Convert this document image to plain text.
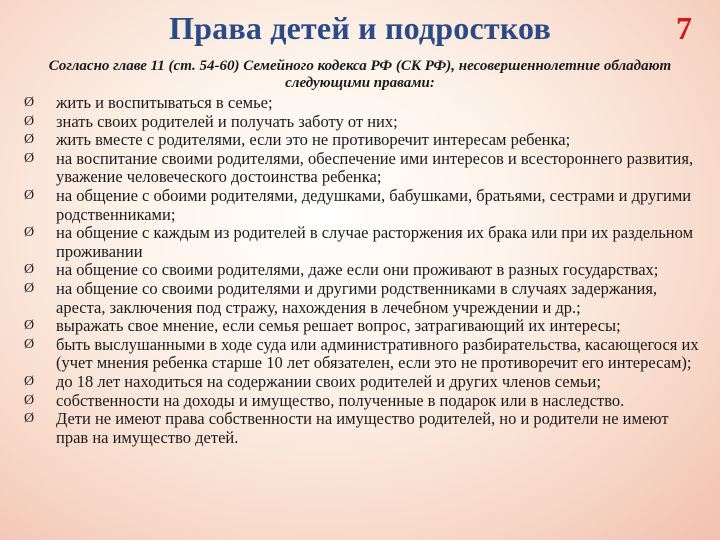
Права детей и подростков	7
Согласно главе 11 (ст. 54-60) Семейного кодекса РФ (СК РФ), несовершеннолетние обладают следующими правами:
Ø жить и воспитываться в семье;
Ø знать своих родителей и получать заботу от них;
Ø жить вместе с родителями, если это не противоречит интересам ребенка;
Ø на воспитание своими родителями, обеспечение ими интересов и всестороннего развития, уважение человеческого достоинства ребенка;
Ø на общение с обоими родителями, дедушками, бабушками, братьями, сестрами и другими родственниками;
Ø на общение с каждым из родителей в случае расторжения их брака или при их раздельном проживании
Ø на общение со своими родителями, даже если они проживают в разных государствах;
Ø на общение со своими родителями и другими родственниками в случаях задержания, ареста, заключения под стражу, нахождения в лечебном учреждении и др.;
Ø выражать свое мнение, если семья решает вопрос, затрагивающий их интересы;
Ø быть выслушанными в ходе суда или административного разбирательства, касающегося их (учет мнения ребенка старше 10 лет обязателен, если это не противоречит его интересам);
Ø до 18 лет находиться на содержании своих родителей и других членов семьи;
Ø собственности на доходы и имущество, полученные в подарок или в наследство.
Ø Дети не имеют права собственности на имущество родителей, но и родители не имеют прав на имущество детей.
